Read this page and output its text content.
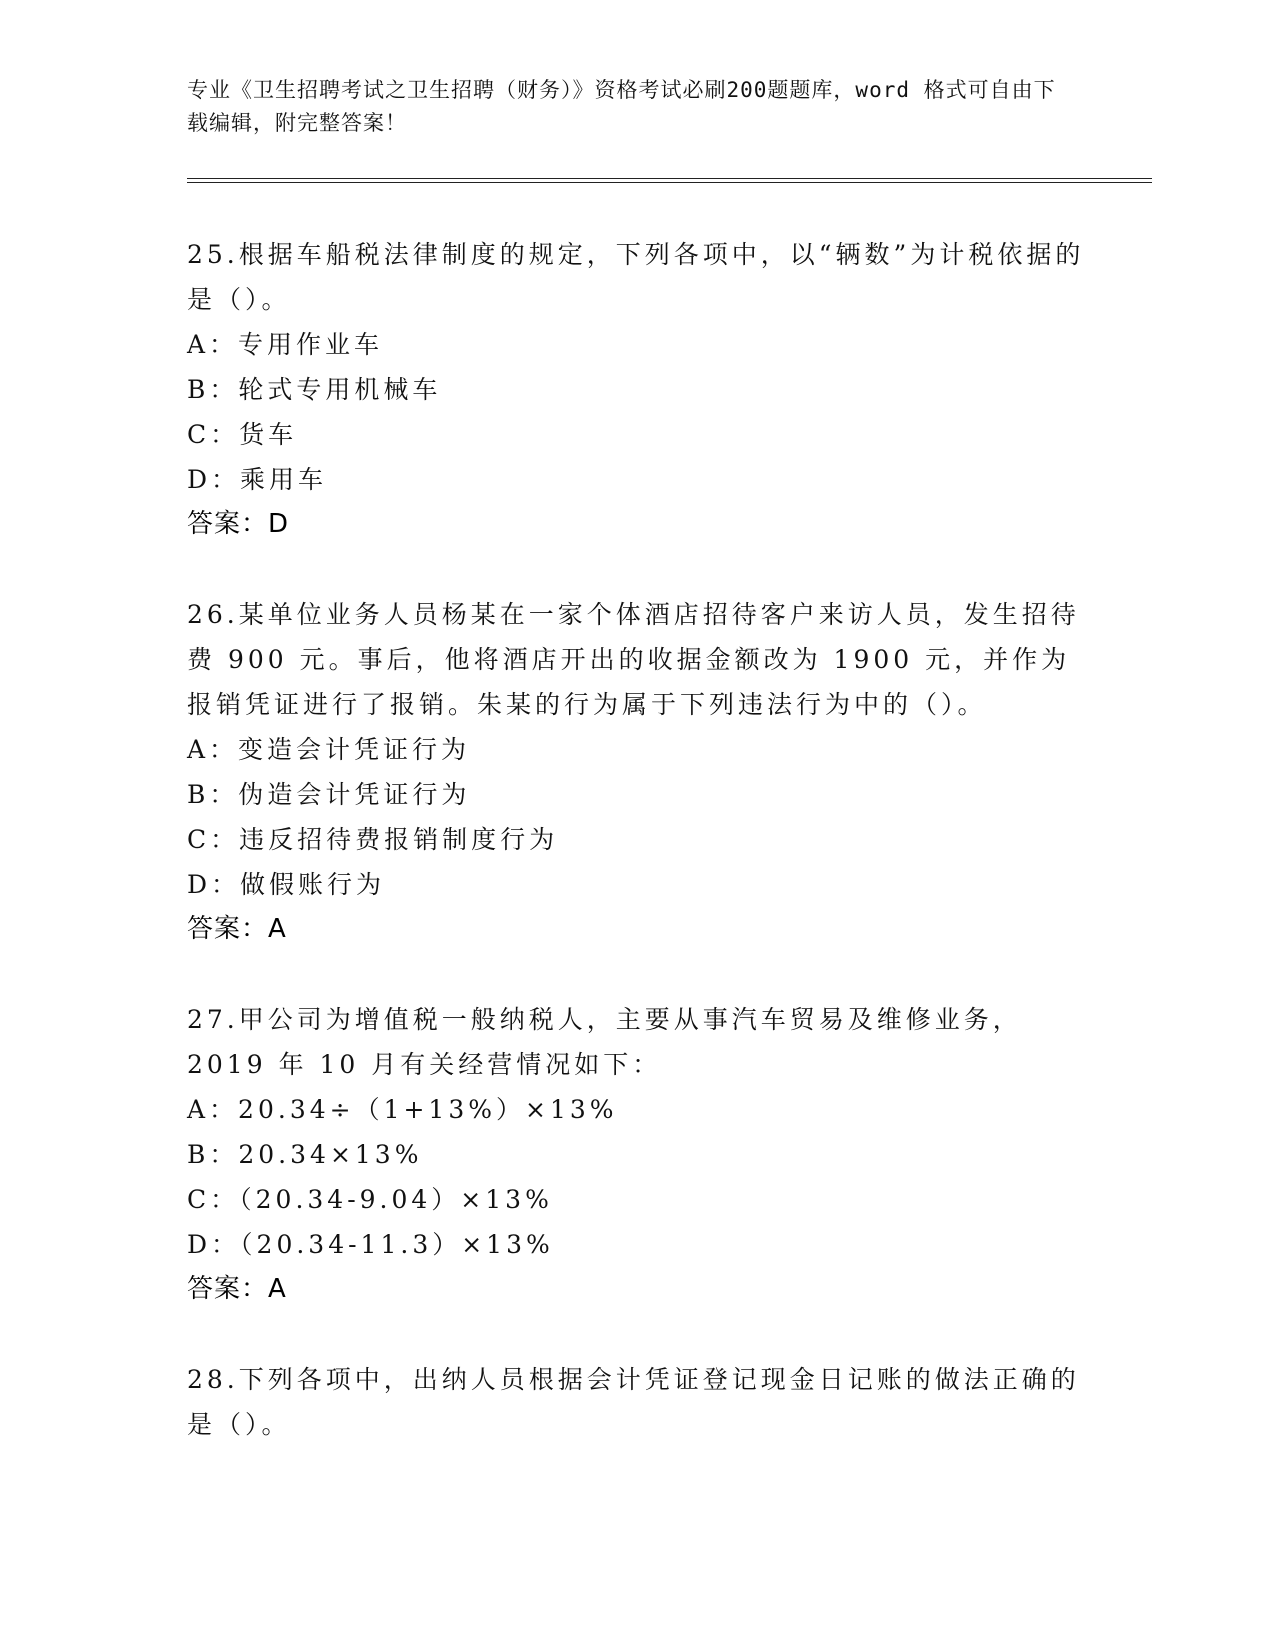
专业《卫生招聘考试之卫生招聘（财务）》资格考试必刷200题题库，word 格式可自由下载编辑，附完整答案！

25.根据车船税法律制度的规定，下列各项中，以“辆数”为计税依据的是（）。

A：专用作业车
B：轮式专用机械车
C：货车
D：乘用车
答案：D

26.某单位业务人员杨某在一家个体酒店招待客户来访人员，发生招待费 900 元。事后，他将酒店开出的收据金额改为 1900 元，并作为报销凭证进行了报销。朱某的行为属于下列违法行为中的（）。

A：变造会计凭证行为
B：伪造会计凭证行为
C：违反招待费报销制度行为
D：做假账行为
答案：A

27.甲公司为增值税一般纳税人，主要从事汽车贸易及维修业务，2019 年 10 月有关经营情况如下：

A：20.34÷（1+13%）×13%
B：20.34×13%
C：（20.34-9.04）×13%
D：（20.34-11.3）×13%
答案：A

28.下列各项中，出纳人员根据会计凭证登记现金日记账的做法正确的是（）。
